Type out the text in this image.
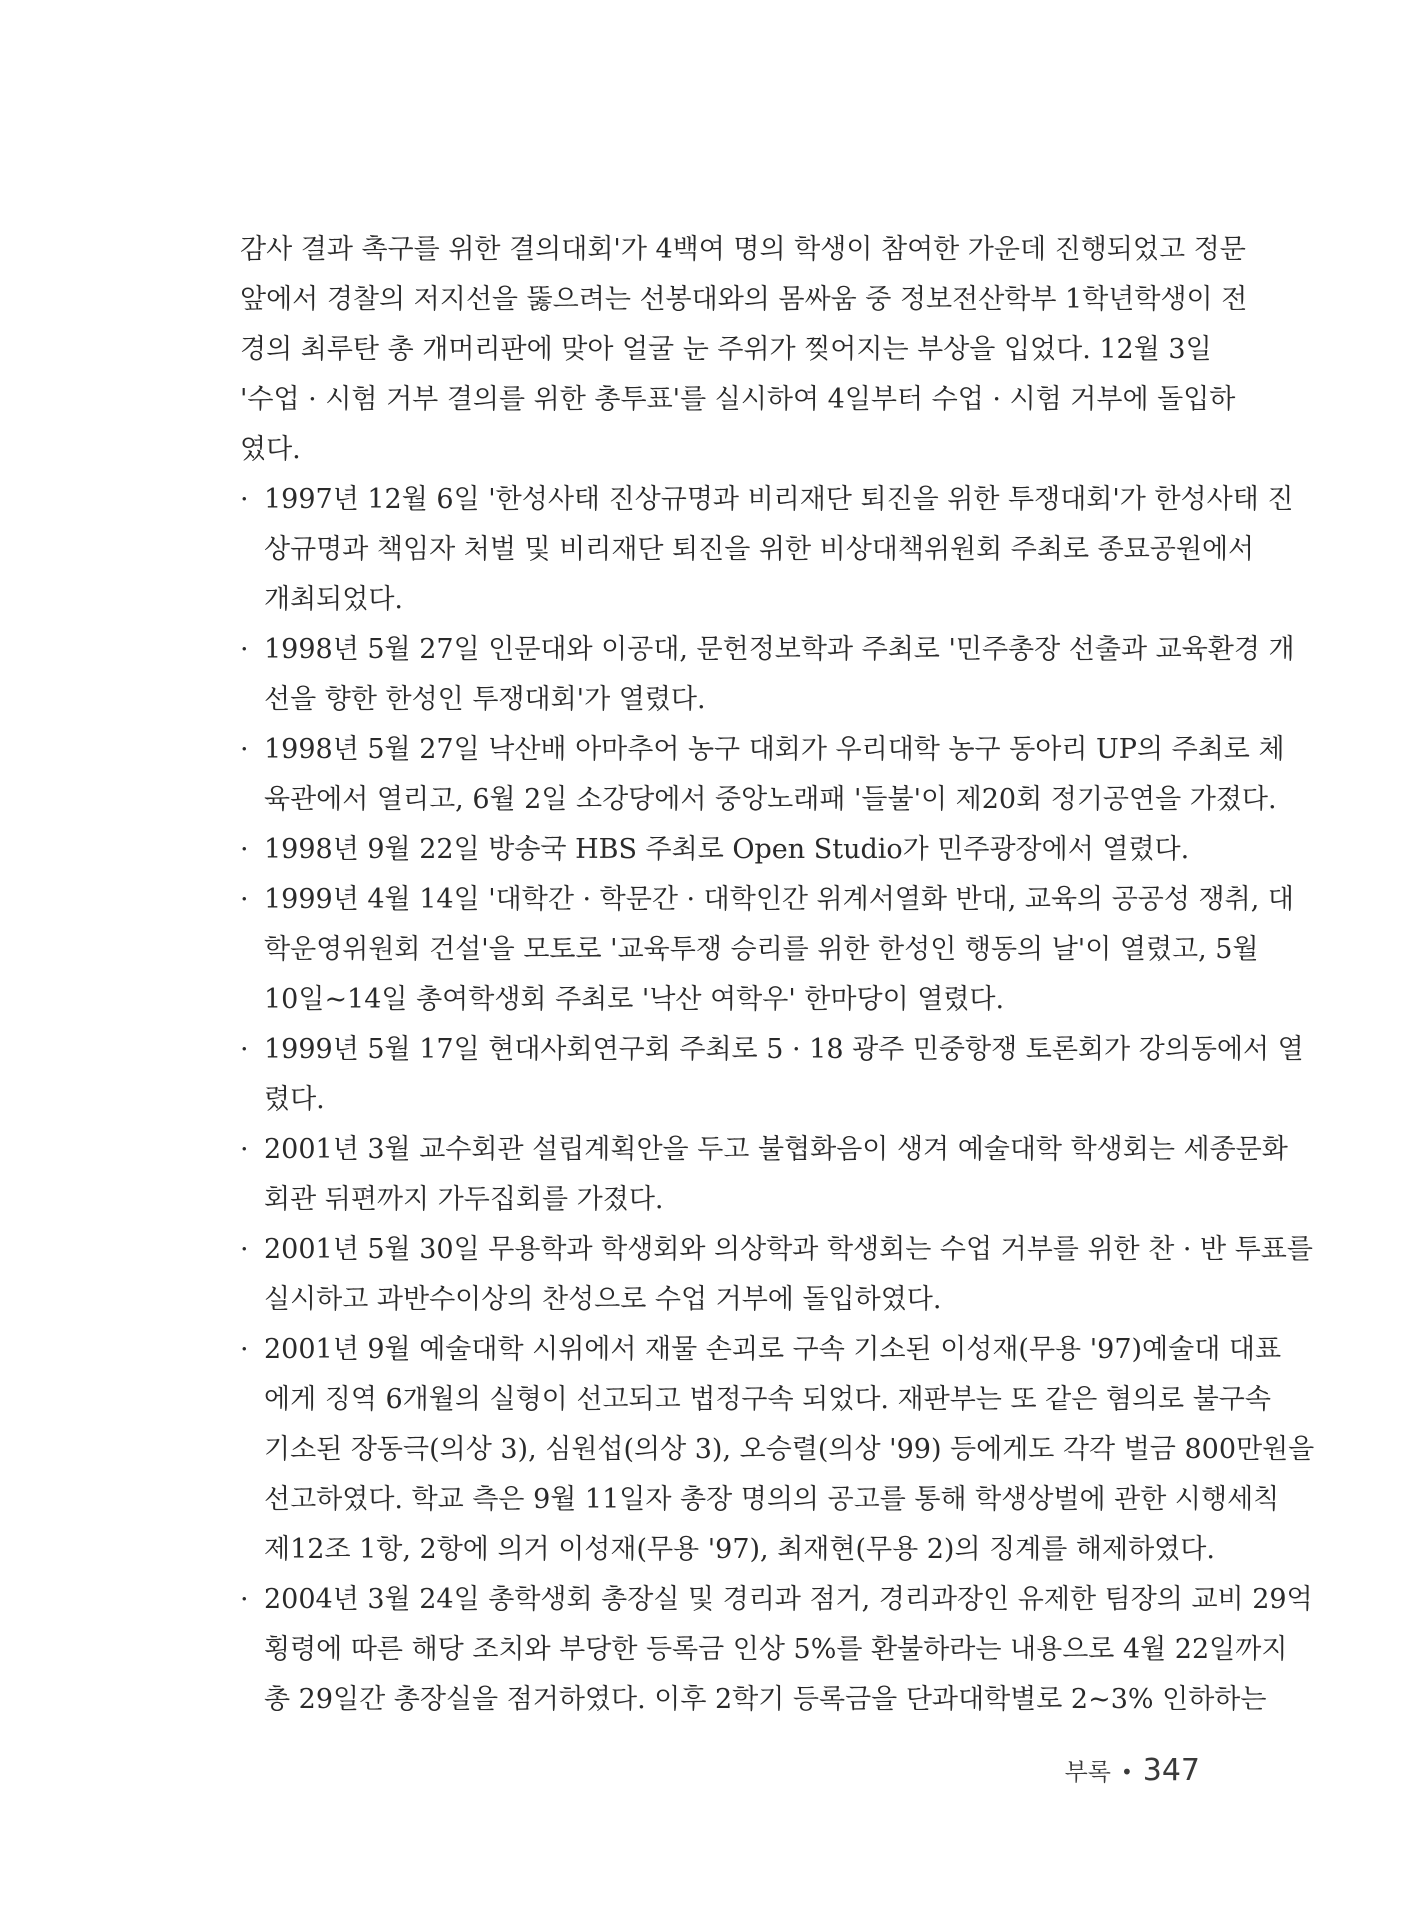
감사 결과 촉구를 위한 결의대회'가 4백여 명의 학생이 참여한 가운데 진행되었고 정문
앞에서 경찰의 저지선을 뚫으려는 선봉대와의 몸싸움 중 정보전산학부 1학년학생이 전
경의 최루탄 총 개머리판에 맞아 얼굴 눈 주위가 찢어지는 부상을 입었다. 12월 3일
'수업 · 시험 거부 결의를 위한 총투표'를 실시하여 4일부터 수업 · 시험 거부에 돌입하
였다.
· 1997년 12월 6일 '한성사태 진상규명과 비리재단 퇴진을 위한 투쟁대회'가 한성사태 진
상규명과 책임자 처벌 및 비리재단 퇴진을 위한 비상대책위원회 주최로 종묘공원에서
개최되었다.
· 1998년 5월 27일 인문대와 이공대, 문헌정보학과 주최로 '민주총장 선출과 교육환경 개
선을 향한 한성인 투쟁대회'가 열렸다.
· 1998년 5월 27일 낙산배 아마추어 농구 대회가 우리대학 농구 동아리 UP의 주최로 체
육관에서 열리고, 6월 2일 소강당에서 중앙노래패 '들불'이 제20회 정기공연을 가졌다.
· 1998년 9월 22일 방송국 HBS 주최로 Open Studio가 민주광장에서 열렸다.
· 1999년 4월 14일 '대학간 · 학문간 · 대학인간 위계서열화 반대, 교육의 공공성 쟁취, 대
학운영위원회 건설'을 모토로 '교육투쟁 승리를 위한 한성인 행동의 날'이 열렸고, 5월
10일~14일 총여학생회 주최로 '낙산 여학우' 한마당이 열렸다.
· 1999년 5월 17일 현대사회연구회 주최로 5 · 18 광주 민중항쟁 토론회가 강의동에서 열
렸다.
· 2001년 3월 교수회관 설립계획안을 두고 불협화음이 생겨 예술대학 학생회는 세종문화
회관 뒤편까지 가두집회를 가졌다.
· 2001년 5월 30일 무용학과 학생회와 의상학과 학생회는 수업 거부를 위한 찬 · 반 투표를
실시하고 과반수이상의 찬성으로 수업 거부에 돌입하였다.
· 2001년 9월 예술대학 시위에서 재물 손괴로 구속 기소된 이성재(무용 '97)예술대 대표
에게 징역 6개월의 실형이 선고되고 법정구속 되었다. 재판부는 또 같은 혐의로 불구속
기소된 장동극(의상 3), 심원섭(의상 3), 오승렬(의상 '99) 등에게도 각각 벌금 800만원을
선고하였다. 학교 측은 9월 11일자 총장 명의의 공고를 통해 학생상벌에 관한 시행세칙
제12조 1항, 2항에 의거 이성재(무용 '97), 최재현(무용 2)의 징계를 해제하였다.
· 2004년 3월 24일 총학생회 총장실 및 경리과 점거, 경리과장인 유제한 팀장의 교비 29억
횡령에 따른 해당 조치와 부당한 등록금 인상 5%를 환불하라는 내용으로 4월 22일까지
총 29일간 총장실을 점거하였다. 이후 2학기 등록금을 단과대학별로 2~3% 인하하는
부록 • 347
